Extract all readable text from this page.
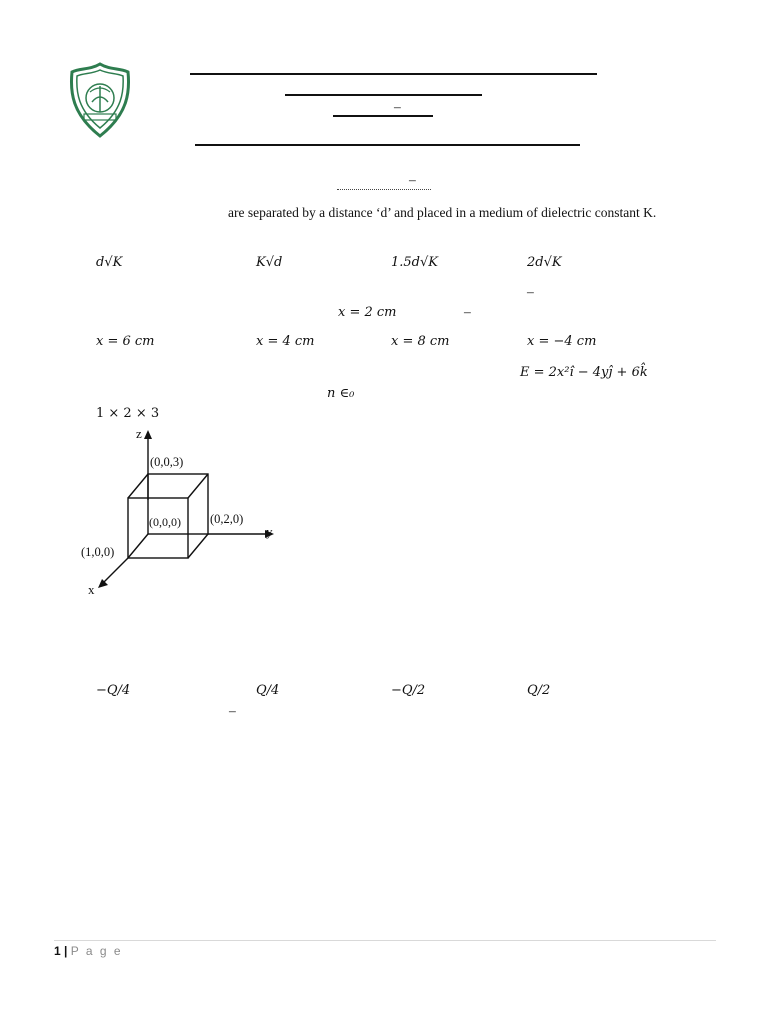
–
–
are separated by a distance ‘d’ and placed in a medium of dielectric constant K.
d√K	K√d	1.5d√K	2d√K
–
x = 2 cm	–
x = 6 cm	x = 4 cm	x = 8 cm	x = −4 cm
E = 2x²î − 4yĵ + 6k̂
n ∈₀
1 × 2 × 3
z
(0,0,3)
(0,0,0) (0,2,0)
y
(1,0,0)
x
−Q/4	Q/4	−Q/2	Q/2
–
1 | P a g e
